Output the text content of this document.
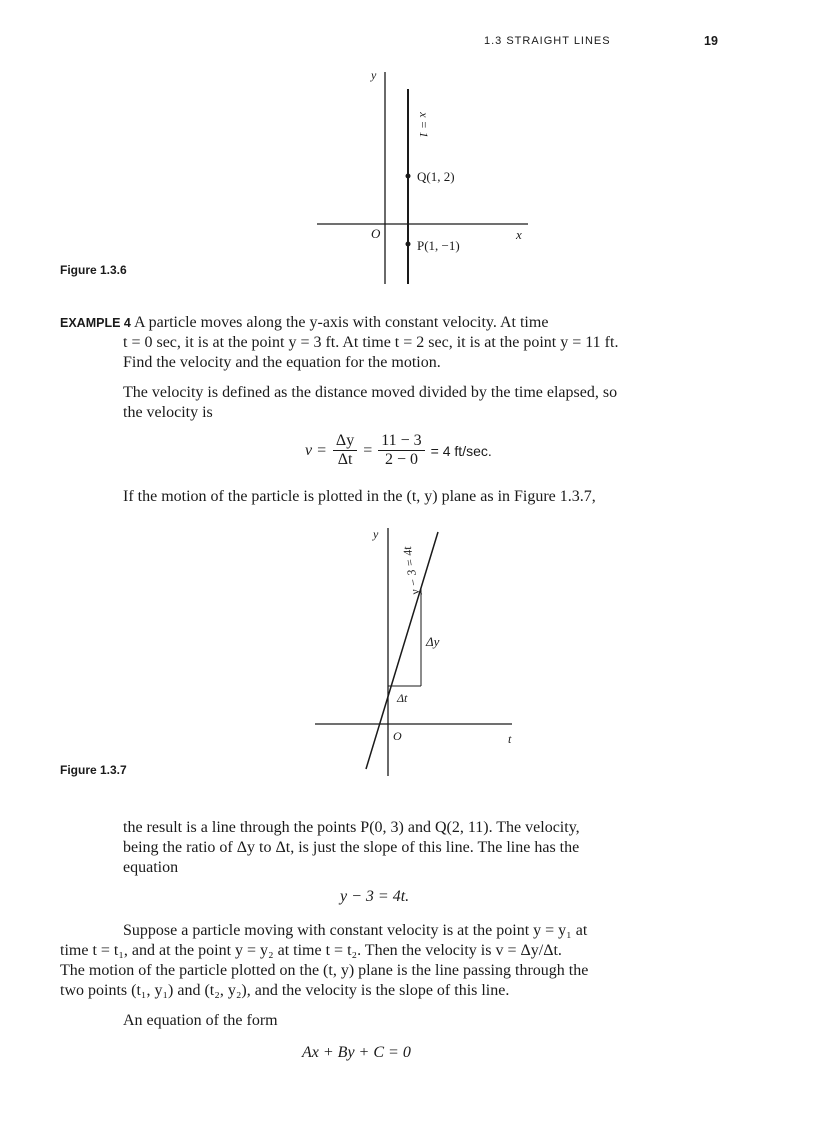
1.3 STRAIGHT LINES	19
y
x
O
x = 1
Q(1, 2)
P(1, −1)
Figure 1.3.6
EXAMPLE 4 A particle moves along the y-axis with constant velocity. At time
t = 0 sec, it is at the point y = 3 ft. At time t = 2 sec, it is at the point y = 11 ft.
Find the velocity and the equation for the motion.
The velocity is defined as the distance moved divided by the time elapsed, so
the velocity is
$v = \frac{\Delta y}{\Delta t} = \frac{11 - 3}{2 - 0} = 4$ ft/sec.
If the motion of the particle is plotted in the (t, y) plane as in Figure 1.3.7,
y
t
O
y − 3 = 4t
Δy
Δt
Figure 1.3.7
the result is a line through the points P(0, 3) and Q(2, 11). The velocity,
being the ratio of Δy to Δt, is just the slope of this line. The line has the
equation
y − 3 = 4t.
Suppose a particle moving with constant velocity is at the point y = y₁ at
time t = t₁, and at the point y = y₂ at time t = t₂. Then the velocity is v = Δy/Δt.
The motion of the particle plotted on the (t, y) plane is the line passing through the
two points (t₁, y₁) and (t₂, y₂), and the velocity is the slope of this line.
An equation of the form
Ax + By + C = 0
